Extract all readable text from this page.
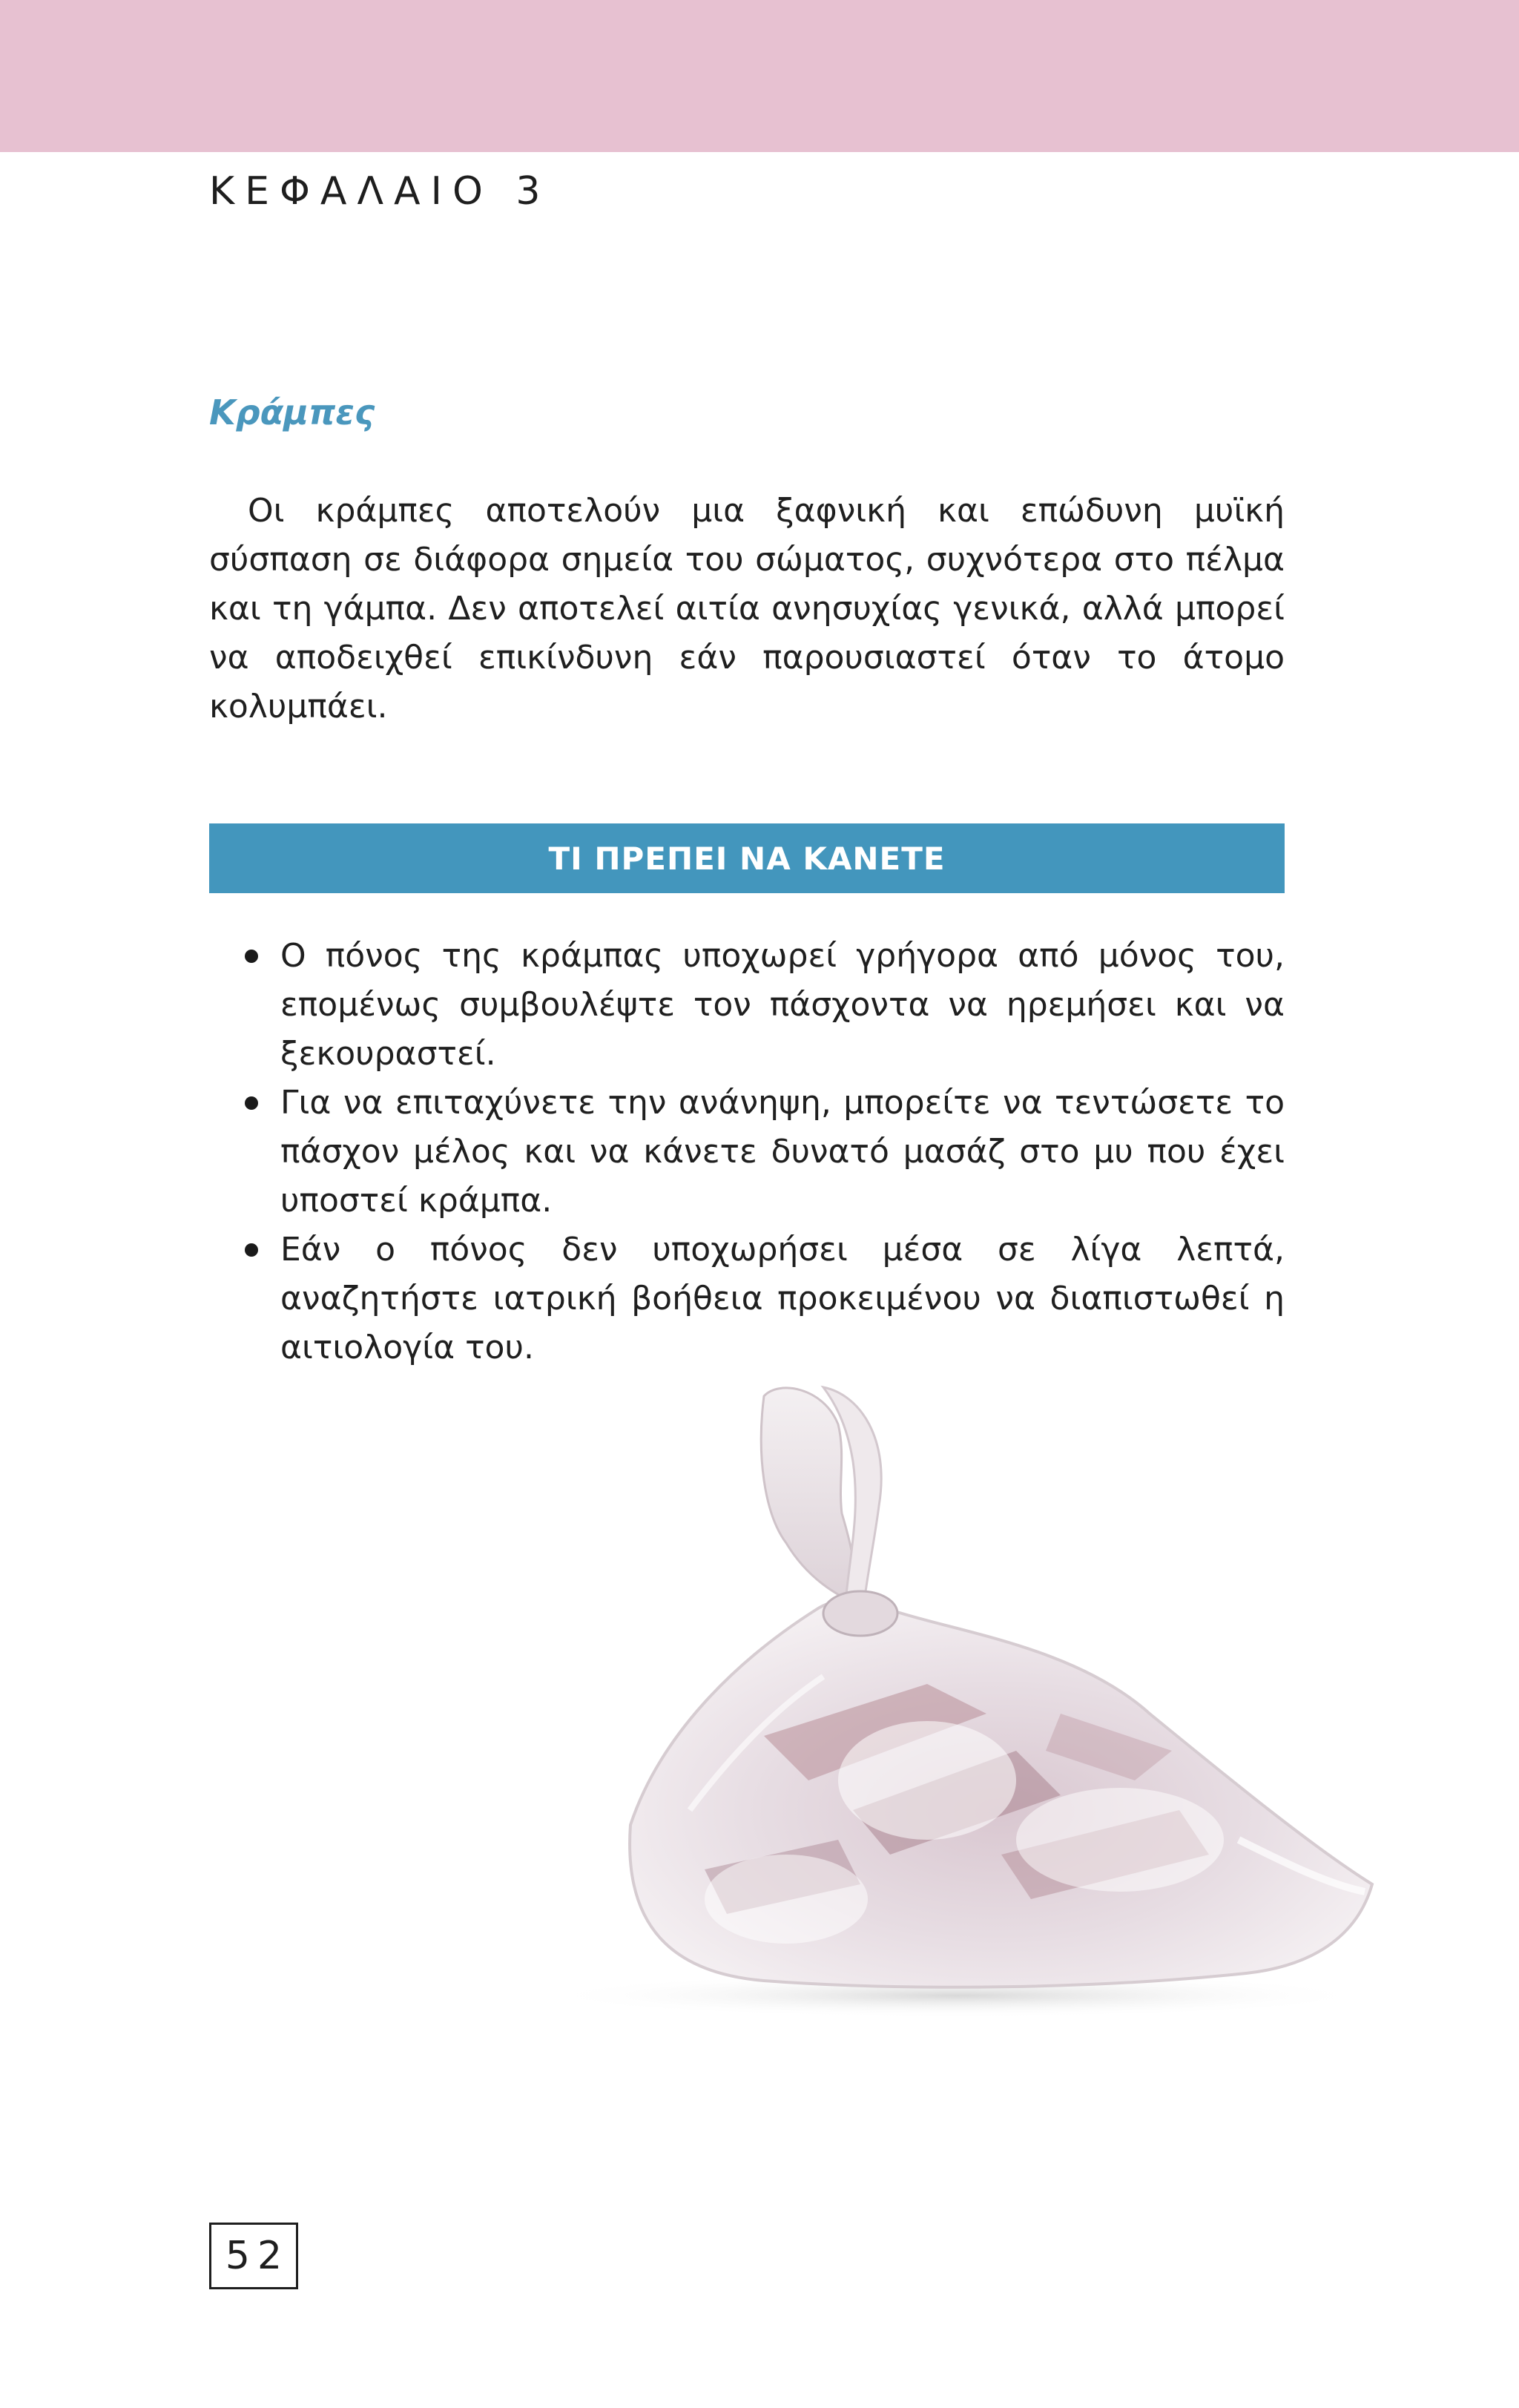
ΚΕΦΑΛΑΙΟ 3
Κράμπες

Οι κράμπες αποτελούν μια ξαφνική και επώδυνη μυϊκή σύσπαση σε διάφορα σημεία του σώματος, συχνότερα στο πέλμα και τη γάμπα. Δεν αποτελεί αιτία ανησυχίας γενικά, αλλά μπορεί να αποδειχθεί επικίνδυνη εάν παρουσιαστεί όταν το άτομο κολυμπάει.

ΤΙ ΠΡΕΠΕΙ ΝΑ ΚΑΝΕΤΕ
Ο πόνος της κράμπας υποχωρεί γρήγορα από μόνος του, επομένως συμβουλέψτε τον πάσχοντα να ηρεμήσει και να ξεκουραστεί.
Για να επιταχύνετε την ανάνηψη, μπορείτε να τεντώσετε το πάσχον μέλος και να κάνετε δυνατό μασάζ στο μυ που έχει υποστεί κράμπα.
Εάν ο πόνος δεν υποχωρήσει μέσα σε λίγα λεπτά, αναζητήστε ιατρική βοήθεια προκειμένου να διαπιστωθεί η αιτιολογία του.
52
